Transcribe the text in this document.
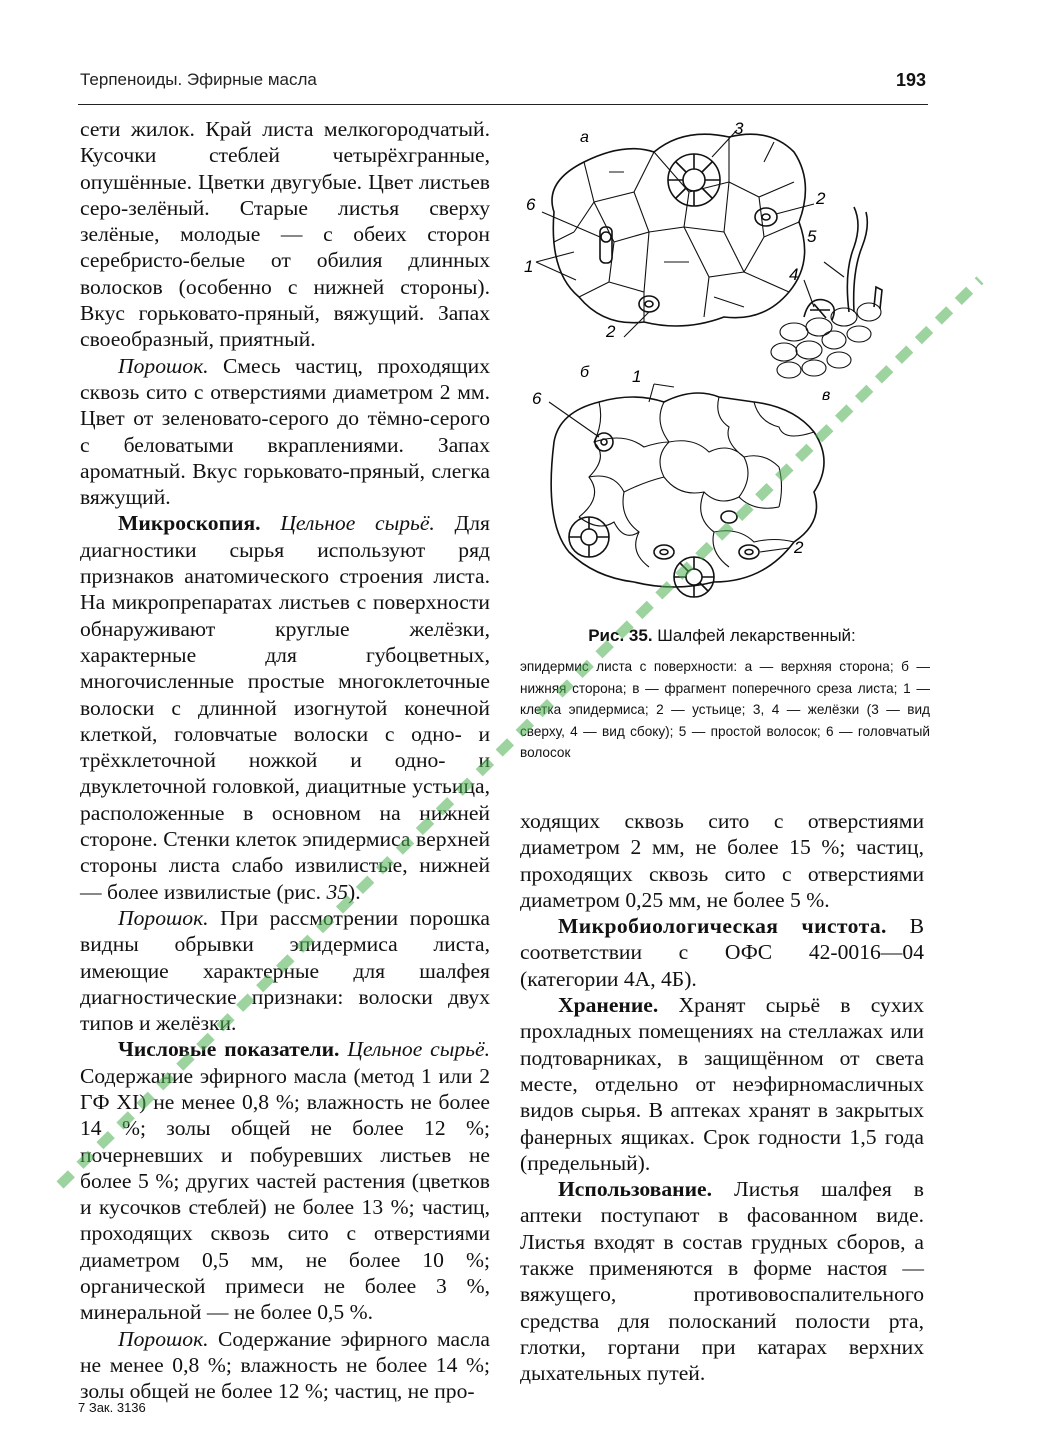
Терпеноиды. Эфирные масла	193

сети жилок. Край листа мелкогородчатый. Кусочки стеблей четырёхгранные, опушённые. Цветки двугубые. Цвет листьев серо-зелёный. Старые листья сверху зелёные, молодые — с обеих сторон серебристо-белые от обилия длинных волосков (особенно с нижней стороны). Вкус горьковато-пряный, вяжущий. Запах своеобразный, приятный.

Порошок. Смесь частиц, проходящих сквозь сито с отверстиями диаметром 2 мм. Цвет от зеленовато-серого до тёмно-серого с беловатыми вкраплениями. Запах ароматный. Вкус горьковато-пряный, слегка вяжущий.

Микроскопия. Цельное сырьё. Для диагностики сырья используют ряд признаков анатомического строения листа. На микропрепаратах листьев с поверхности обнаруживают круглые желёзки, характерные для губоцветных, многочисленные простые многоклеточные волоски с длинной изогнутой конечной клеткой, головчатые волоски с одно- и трёхклеточной ножкой и одно- и двуклеточной головкой, диацитные устьица, расположенные в основном на нижней стороне. Стенки клеток эпидермиса верхней стороны листа слабо извилистые, нижней — более извилистые (рис. 35).

Порошок. При рассмотрении порошка видны обрывки эпидермиса листа, имеющие характерные для шалфея диагностические признаки: волоски двух типов и желёзки.

Числовые показатели. Цельное сырьё. Содержание эфирного масла (метод 1 или 2 ГФ XI) не менее 0,8 %; влажность не более 14 %; золы общей не более 12 %; почерневших и побуревших листьев не более 5 %; других частей растения (цветков и кусочков стеблей) не более 13 %; частиц, проходящих сквозь сито с отверстиями диаметром 0,5 мм, не более 10 %; органической примеси не более 3 %, минеральной — не более 0,5 %.

Порошок. Содержание эфирного масла не менее 0,8 %; влажность не более 14 %; золы общей не более 12 %; частиц, не про-

а	3
6	2
5
4
1
2
б	1
6	в
2
Рис. 35. Шалфей лекарственный:
эпидермис листа с поверхности: а — верхняя сторона; б — нижняя сторона; в — фрагмент поперечного среза листа; 1 — клетка эпидермиса; 2 — устьице; 3, 4 — желёзки (3 — вид сверху, 4 — вид сбоку); 5 — простой волосок; 6 — головчатый волосок

ходящих сквозь сито с отверстиями диаметром 2 мм, не более 15 %; частиц, проходящих сквозь сито с отверстиями диаметром 0,25 мм, не более 5 %.

Микробиологическая чистота. В соответствии с ОФС 42-0016—04 (категории 4А, 4Б).

Хранение. Хранят сырьё в сухих прохладных помещениях на стеллажах или подтоварниках, в защищённом от света месте, отдельно от неэфирномасличных видов сырья. В аптеках хранят в закрытых фанерных ящиках. Срок годности 1,5 года (предельный).

Использование. Листья шалфея в аптеки поступают в фасованном виде. Листья входят в состав грудных сборов, а также применяются в форме настоя — вяжущего, противовоспалительного средства для полосканий полости рта, глотки, гортани при катарах верхних дыхательных путей.

7 Зак. 3136
